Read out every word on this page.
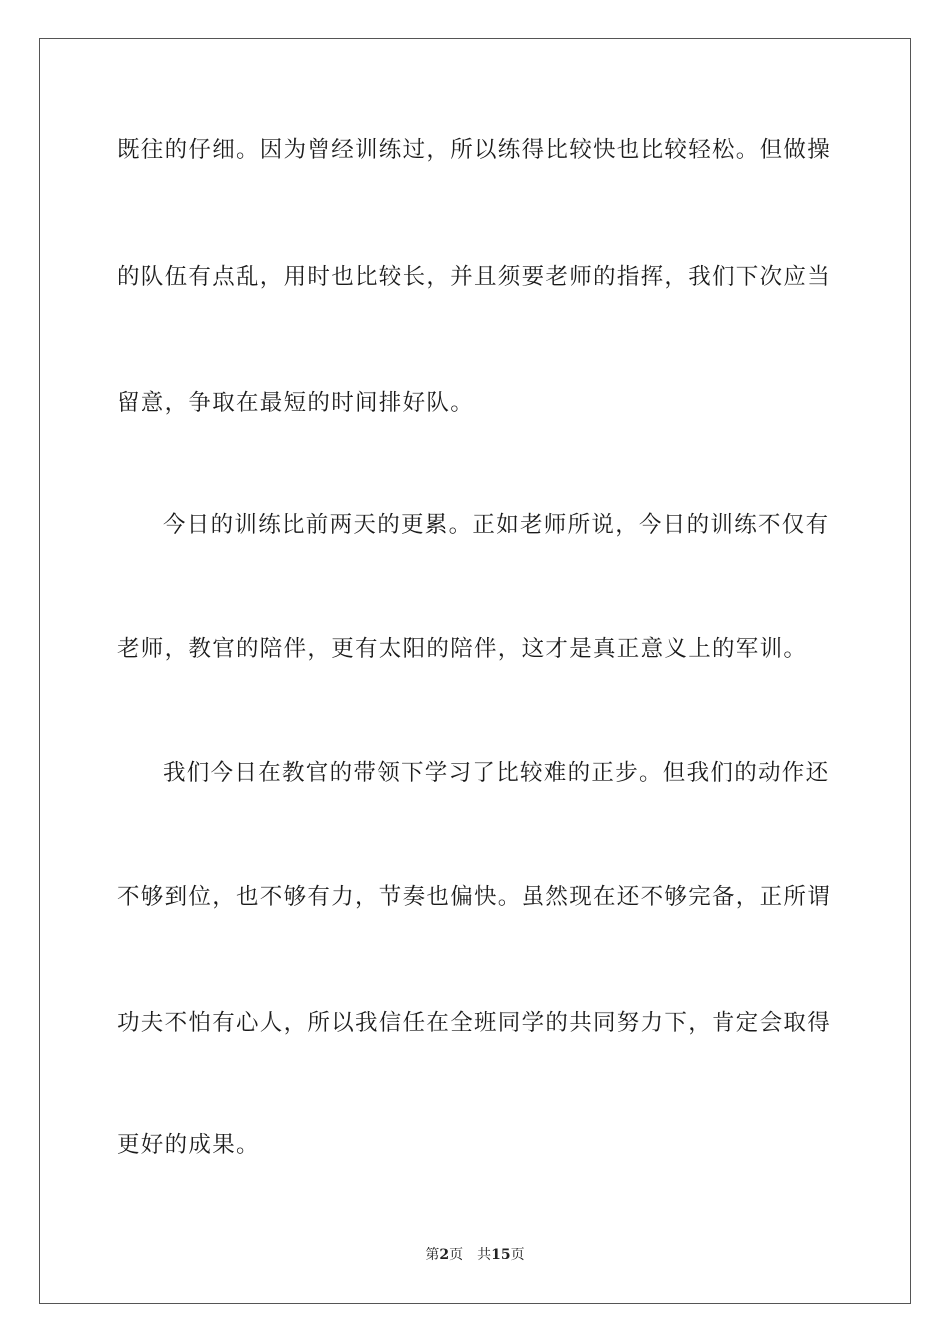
既往的仔细。因为曾经训练过，所以练得比较快也比较轻松。但做操
的队伍有点乱，用时也比较长，并且须要老师的指挥，我们下次应当
留意，争取在最短的时间排好队。
今日的训练比前两天的更累。正如老师所说，今日的训练不仅有
老师，教官的陪伴，更有太阳的陪伴，这才是真正意义上的军训。
我们今日在教官的带领下学习了比较难的正步。但我们的动作还
不够到位，也不够有力，节奏也偏快。虽然现在还不够完备，正所谓
功夫不怕有心人，所以我信任在全班同学的共同努力下，肯定会取得
更好的成果。
第2页 共15页
